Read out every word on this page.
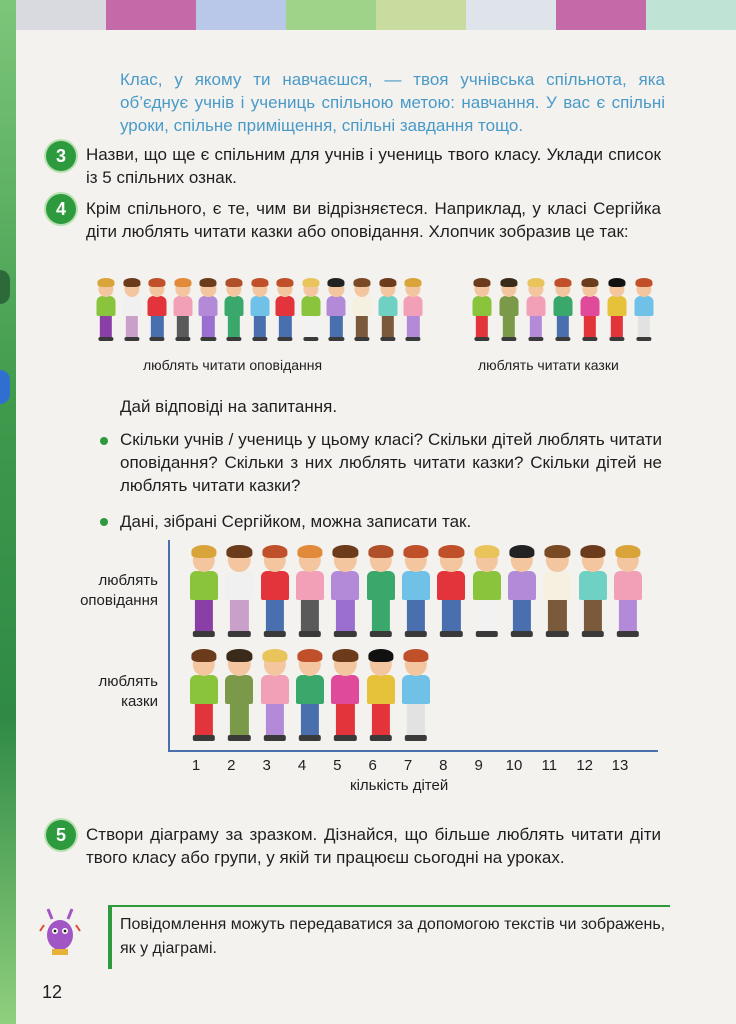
Клас, у якому ти навчаєшся, — твоя учнівська спільнота, яка об’єднує учнів і учениць спільною метою: навчання. У вас є спільні уроки, спільне приміщення, спільні завдання тощо.

3	Назви, що ще є спільним для учнів і учениць твого класу. Уклади список із 5 спільних ознак.

4	Крім спільного, є те, чим ви відрізняєтеся. Наприклад, у класі Сергійка діти люблять читати казки або оповідання. Хлопчик зобразив це так:

люблять читати оповідання	люблять читати казки

Дай відповіді на запитання.

Скільки учнів / учениць у цьому класі? Скільки дітей люблять читати оповідання? Скільки з них люблять читати казки? Скільки дітей не люблять читати казки?

Дані, зібрані Сергійком, можна записати так.

люблять оповідання
люблять казки
1	2	3	4	5	6	7	8	9	10 11 12 13
кількість дітей
5	Створи діаграму за зразком. Дізнайся, що більше люблять читати діти твого класу або групи, у якій ти працюєш сьогодні на уроках.

Повідомлення можуть передаватися за допомогою текстів чи зображень, як у діаграмі.

12
